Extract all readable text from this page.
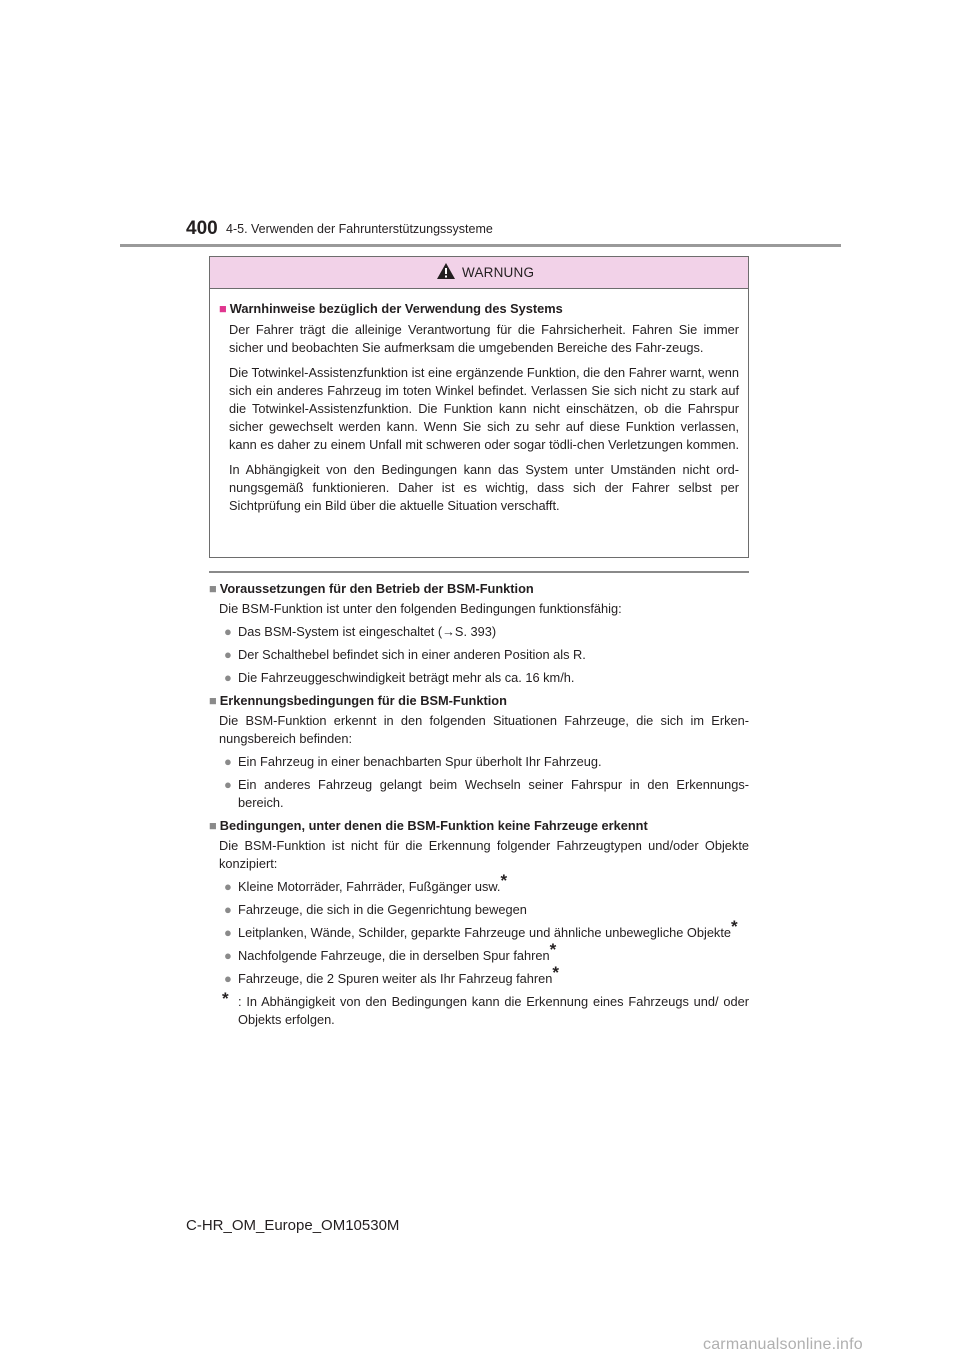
400 4-5. Verwenden der Fahrunterstützungssysteme
WARNUNG
■ Warnhinweise bezüglich der Verwendung des Systems

Der Fahrer trägt die alleinige Verantwortung für die Fahrsicherheit. Fahren Sie immer sicher und beobachten Sie aufmerksam die umgebenden Bereiche des Fahr-zeugs.

Die Totwinkel-Assistenzfunktion ist eine ergänzende Funktion, die den Fahrer warnt, wenn sich ein anderes Fahrzeug im toten Winkel befindet. Verlassen Sie sich nicht zu stark auf die Totwinkel-Assistenzfunktion. Die Funktion kann nicht einschätzen, ob die Fahrspur sicher gewechselt werden kann. Wenn Sie sich zu sehr auf diese Funktion verlassen, kann es daher zu einem Unfall mit schweren oder sogar tödli-chen Verletzungen kommen.

In Abhängigkeit von den Bedingungen kann das System unter Umständen nicht ord-nungsgemäß funktionieren. Daher ist es wichtig, dass sich der Fahrer selbst per Sichtprüfung ein Bild über die aktuelle Situation verschafft.

■ Voraussetzungen für den Betrieb der BSM-Funktion
Die BSM-Funktion ist unter den folgenden Bedingungen funktionsfähig:
● Das BSM-System ist eingeschaltet (→S. 393)
● Der Schalthebel befindet sich in einer anderen Position als R.
● Die Fahrzeuggeschwindigkeit beträgt mehr als ca. 16 km/h.
■ Erkennungsbedingungen für die BSM-Funktion
Die BSM-Funktion erkennt in den folgenden Situationen Fahrzeuge, die sich im Erken-nungsbereich befinden:
● Ein Fahrzeug in einer benachbarten Spur überholt Ihr Fahrzeug.
● Ein anderes Fahrzeug gelangt beim Wechseln seiner Fahrspur in den Erkennungs-bereich.
■ Bedingungen, unter denen die BSM-Funktion keine Fahrzeuge erkennt
Die BSM-Funktion ist nicht für die Erkennung folgender Fahrzeugtypen und/oder Objekte konzipiert:
● Kleine Motorräder, Fahrräder, Fußgänger usw.*
● Fahrzeuge, die sich in die Gegenrichtung bewegen
● Leitplanken, Wände, Schilder, geparkte Fahrzeuge und ähnliche unbewegliche Objekte*
● Nachfolgende Fahrzeuge, die in derselben Spur fahren*
● Fahrzeuge, die 2 Spuren weiter als Ihr Fahrzeug fahren*
* : In Abhängigkeit von den Bedingungen kann die Erkennung eines Fahrzeugs und/ oder Objekts erfolgen.
C-HR_OM_Europe_OM10530M
carmanualsonline.info
